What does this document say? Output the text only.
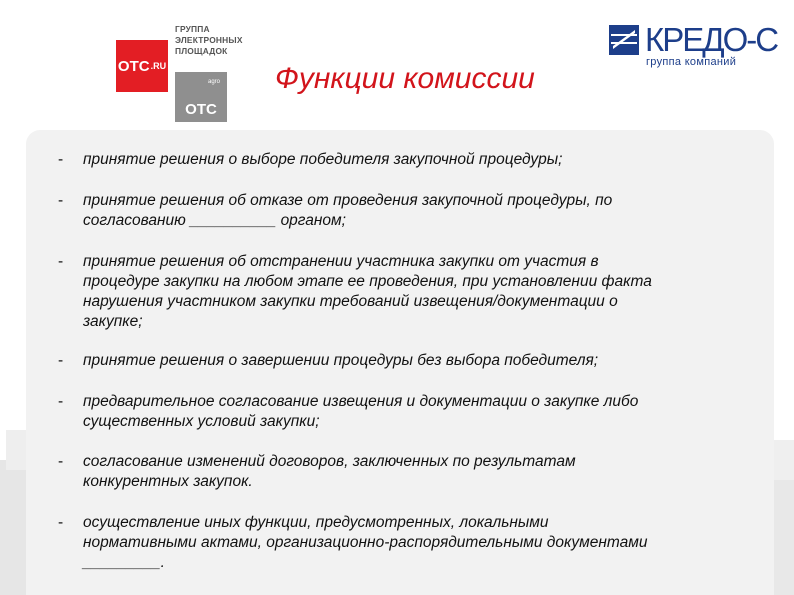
OTC .RU
ГРУППА
ЭЛЕКТРОННЫХ
ПЛОЩАДОК
agro
OTC
КРЕДО-С
группа компаний
Функции комиссии
- принятие решения о выборе победителя закупочной процедуры;
- принятие решения об отказе от проведения закупочной процедуры, по
согласованию __________ органом;
- принятие решения об отстранении участника закупки от участия в
процедуре закупки на любом этапе ее проведения, при установлении факта
нарушения участником закупки требований извещения/документации о
закупке;
- принятие решения о завершении процедуры без выбора победителя;
- предварительное согласование извещения и документации о закупке либо
существенных условий закупки;
- согласование изменений договоров, заключенных по результатам
конкурентных закупок.
- осуществление иных функции, предусмотренных, локальными
нормативными актами, организационно-распорядительными документами
_________.
